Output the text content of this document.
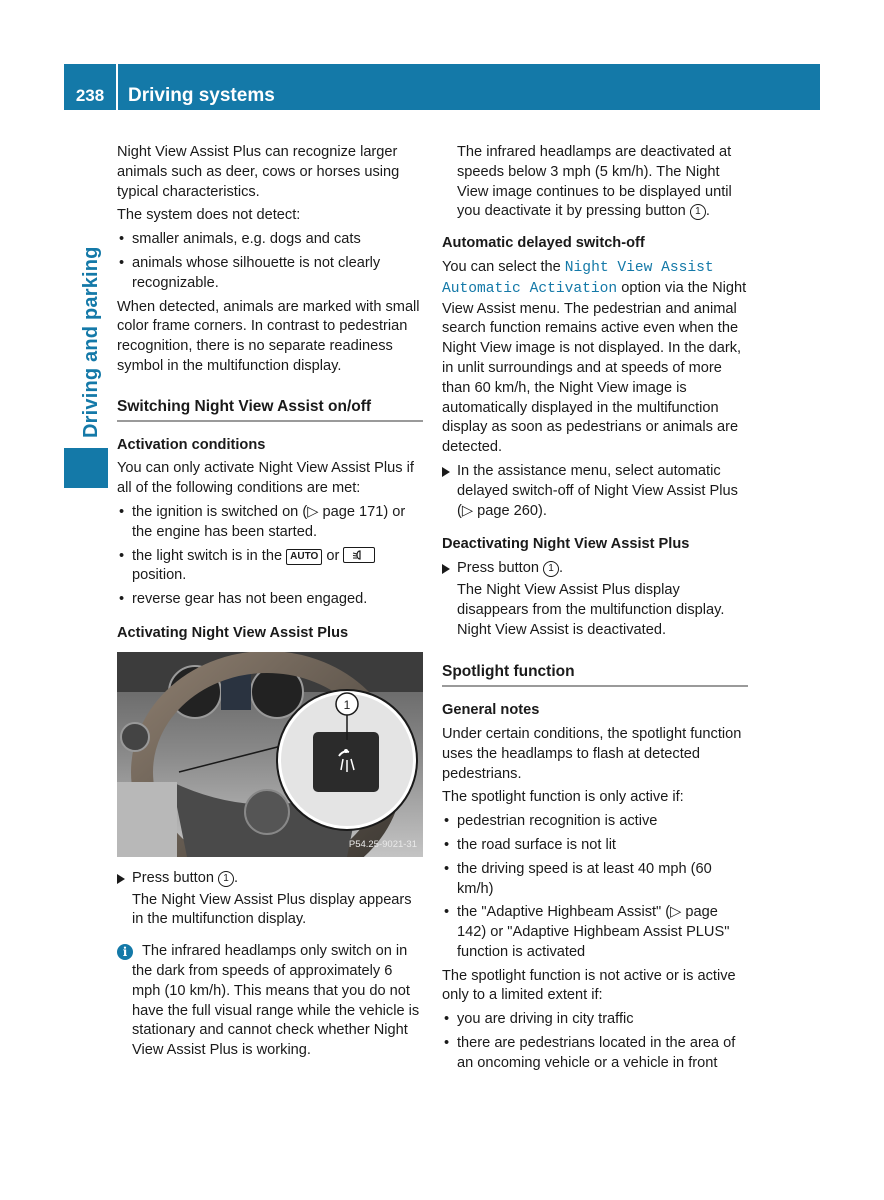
238	Driving systems
Driving and parking

Night View Assist Plus can recognize larger animals such as deer, cows or horses using typical characteristics.

The system does not detect:

• smaller animals, e.g. dogs and cats
• animals whose silhouette is not clearly recognizable.

When detected, animals are marked with small color frame corners. In contrast to pedestrian recognition, there is no separate readiness symbol in the multifunction display.

Switching Night View Assist on/off
Activation conditions

You can only activate Night View Assist Plus if all of the following conditions are met:

• the ignition is switched on (▷ page 171) or the engine has been started.
• the light switch is in the AUTO or  position.
• reverse gear has not been engaged.
Activating Night View Assist Plus
1
P54.25-9021-31
Press button 1 .
The Night View Assist Plus display appears in the multifunction display.
i	The infrared headlamps only switch on in the dark from speeds of approximately 6 mph (10 km/h). This means that you do not have the full visual range while the vehicle is stationary and cannot check whether Night View Assist Plus is working.
The infrared headlamps are deactivated at speeds below 3 mph (5 km/h). The Night View image continues to be displayed until you deactivate it by pressing button 1 .
Automatic delayed switch-off

You can select the Night View Assist Automatic Activation option via the Night View Assist menu. The pedestrian and animal search function remains active even when the Night View image is not displayed. In the dark, in unlit surroundings and at speeds of more than 60 km/h, the Night View image is automatically displayed in the multifunction display as soon as pedestrians or animals are detected.

In the assistance menu, select automatic delayed switch-off of Night View Assist Plus (▷ page 260).
Deactivating Night View Assist Plus
Press button 1 .
The Night View Assist Plus display disappears from the multifunction display. Night View Assist is deactivated.
Spotlight function
General notes

Under certain conditions, the spotlight function uses the headlamps to flash at detected pedestrians.

The spotlight function is only active if:

• pedestrian recognition is active
• the road surface is not lit
• the driving speed is at least 40 mph (60 km/h)
• the "Adaptive Highbeam Assist" (▷ page 142) or "Adaptive Highbeam Assist PLUS" function is activated

The spotlight function is not active or is active only to a limited extent if:

• you are driving in city traffic
• there are pedestrians located in the area of an oncoming vehicle or a vehicle in front
